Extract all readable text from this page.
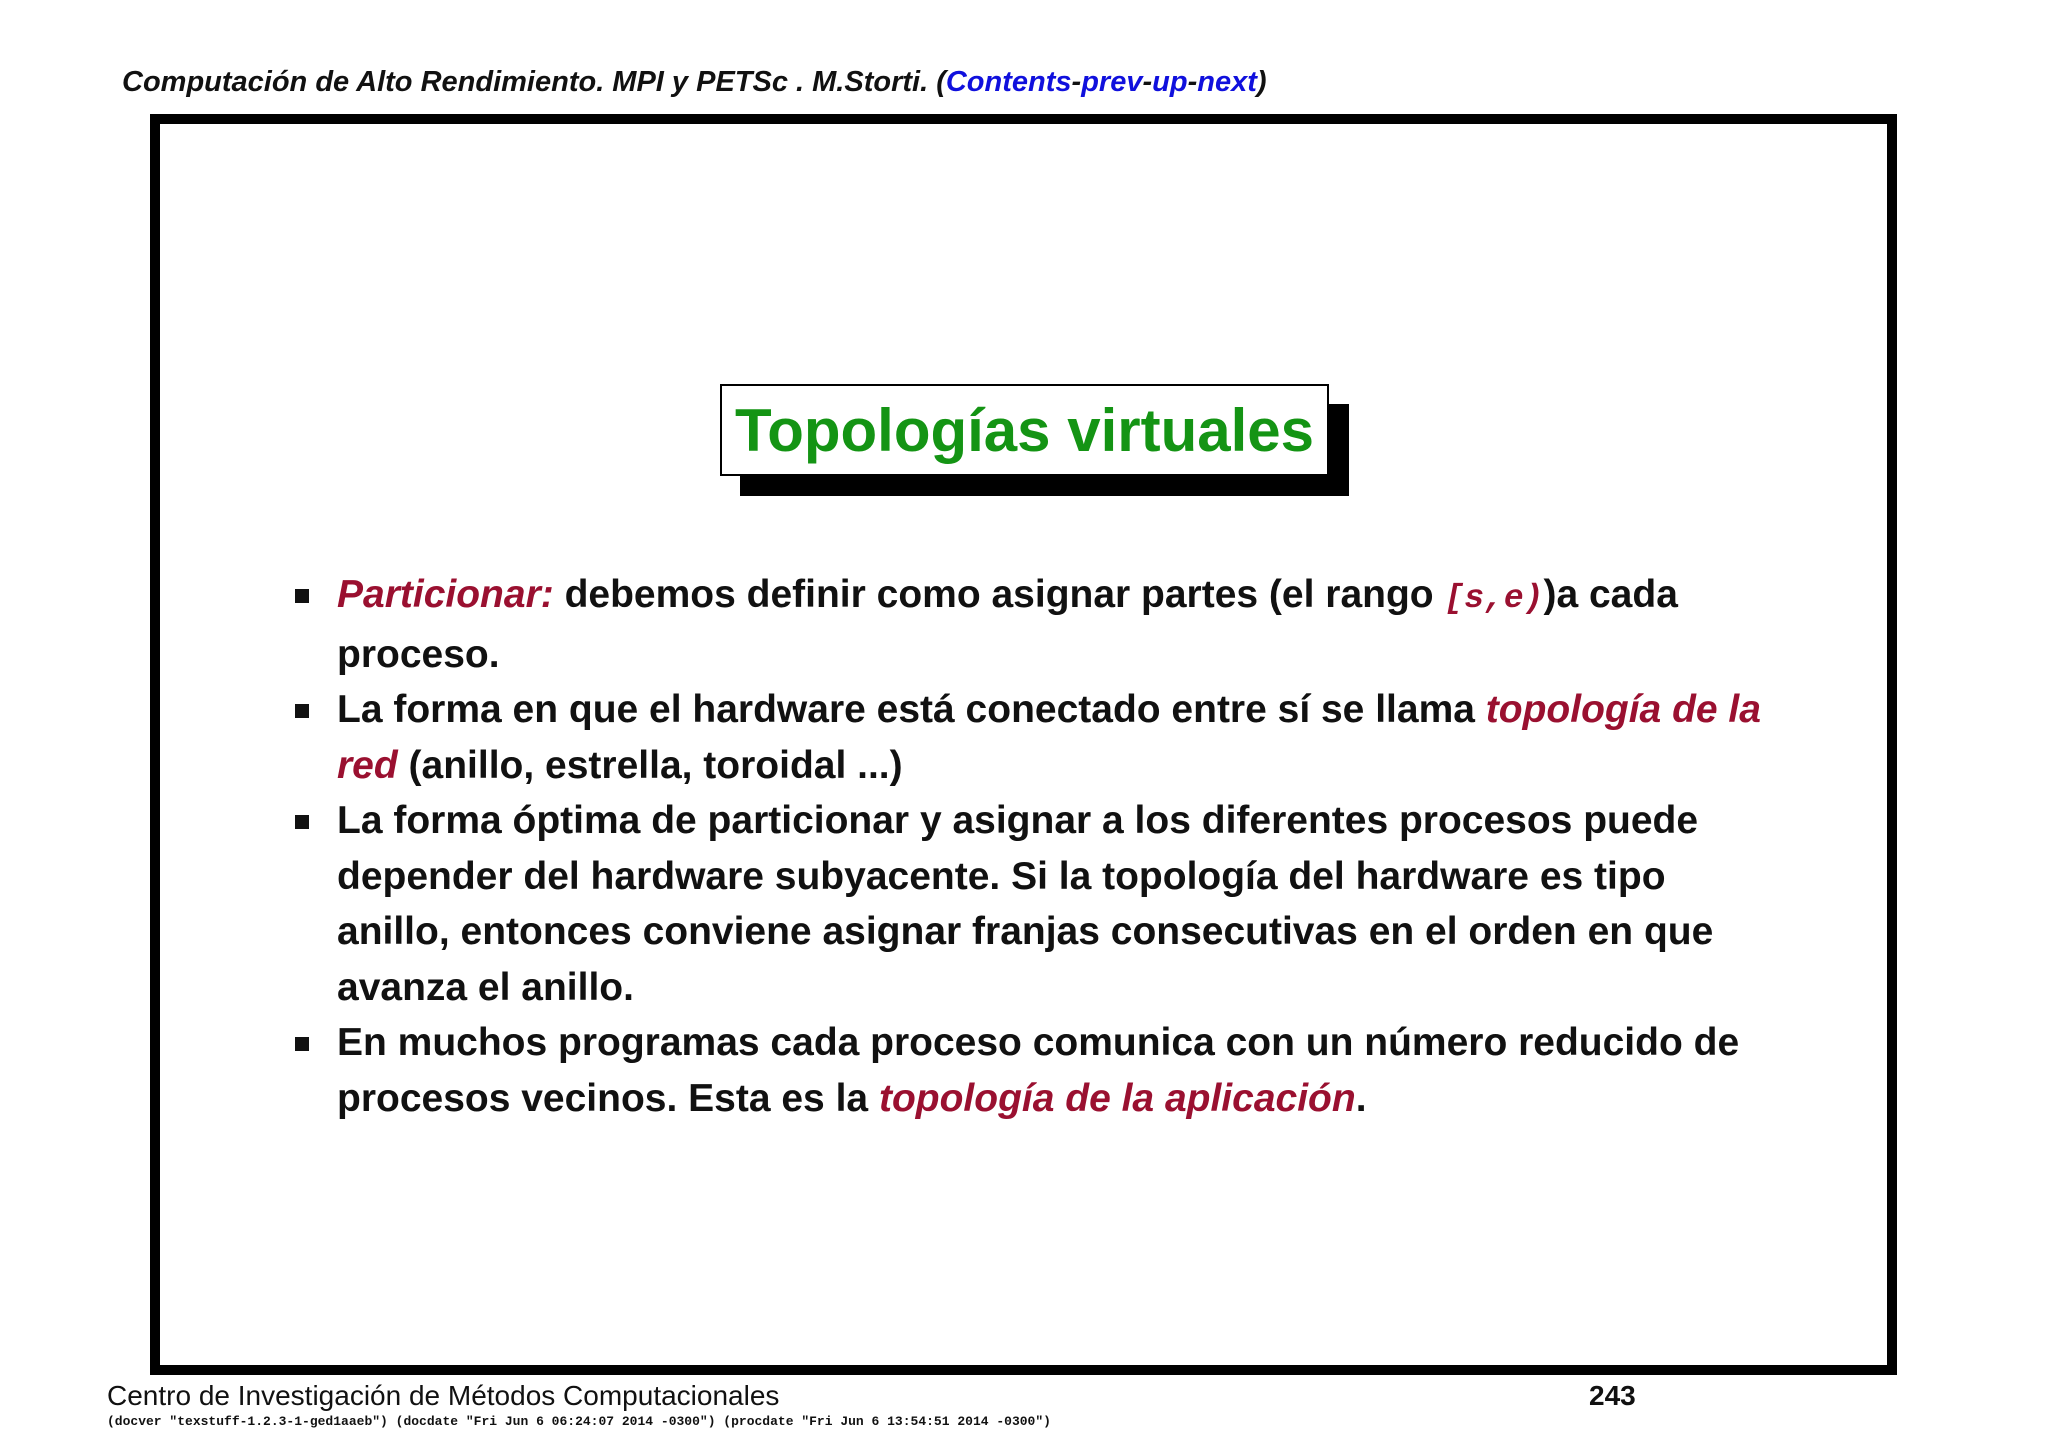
Computación de Alto Rendimiento. MPI y PETSc . M.Storti. (Contents-prev-up-next)
Topologías virtuales
Particionar: debemos definir como asignar partes (el rango [s,e))a cada proceso.
La forma en que el hardware está conectado entre sí se llama topología de la red (anillo, estrella, toroidal ...)
La forma óptima de particionar y asignar a los diferentes procesos puede depender del hardware subyacente. Si la topología del hardware es tipo anillo, entonces conviene asignar franjas consecutivas en el orden en que avanza el anillo.
En muchos programas cada proceso comunica con un número reducido de procesos vecinos. Esta es la topología de la aplicación.
Centro de Investigación de Métodos Computacionales	243
(docver "texstuff-1.2.3-1-ged1aaeb") (docdate "Fri Jun 6 06:24:07 2014 -0300") (procdate "Fri Jun 6 13:54:51 2014 -0300")
